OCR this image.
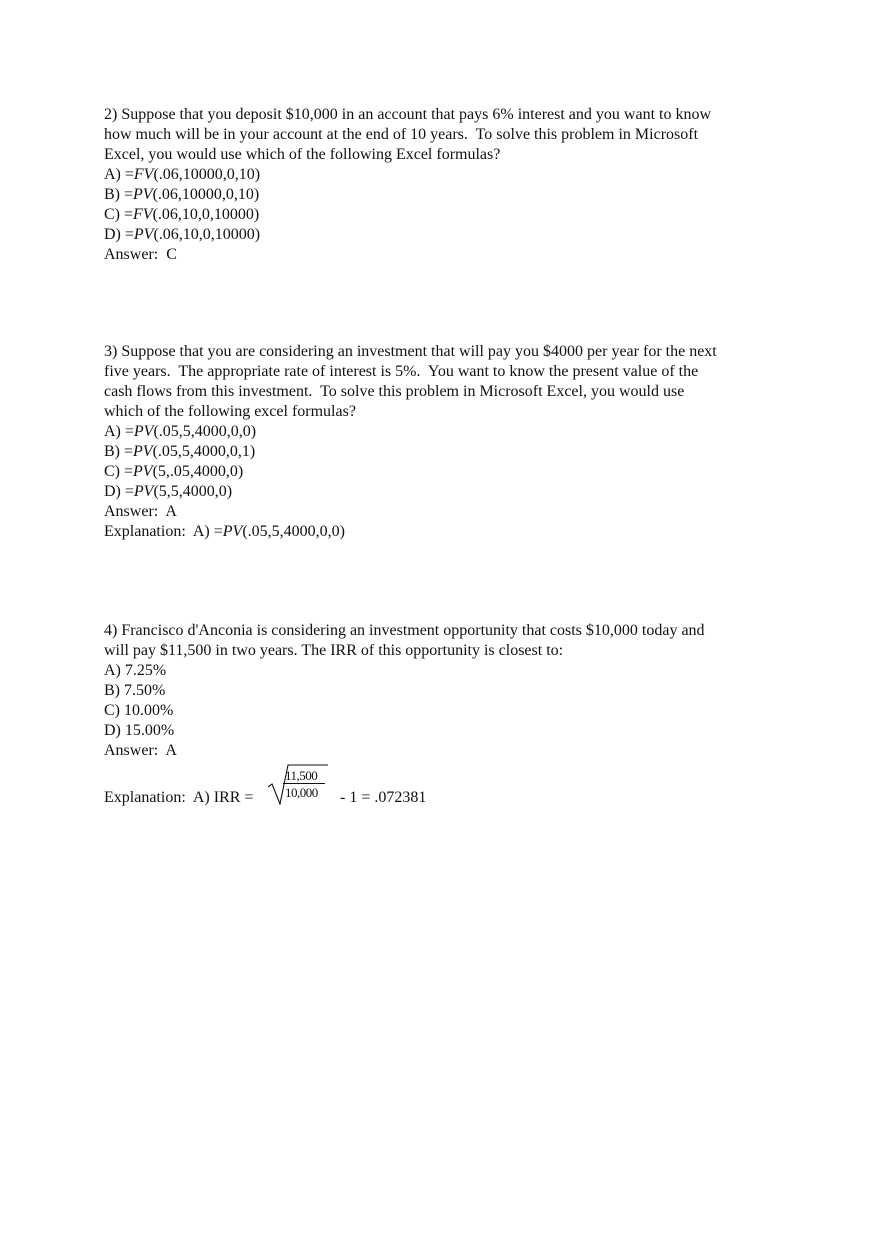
2) Suppose that you deposit $10,000 in an account that pays 6% interest and you want to know
how much will be in your account at the end of 10 years.  To solve this problem in Microsoft
Excel, you would use which of the following Excel formulas?
A) =FV(.06,10000,0,10)
B) =PV(.06,10000,0,10)
C) =FV(.06,10,0,10000)
D) =PV(.06,10,0,10000)
Answer:  C
3) Suppose that you are considering an investment that will pay you $4000 per year for the next
five years.  The appropriate rate of interest is 5%.  You want to know the present value of the
cash flows from this investment.  To solve this problem in Microsoft Excel, you would use
which of the following excel formulas?
A) =PV(.05,5,4000,0,0)
B) =PV(.05,5,4000,0,1)
C) =PV(5,.05,4000,0)
D) =PV(5,5,4000,0)
Answer:  A
Explanation:  A) =PV(.05,5,4000,0,0)
4) Francisco d'Anconia is considering an investment opportunity that costs $10,000 today and
will pay $11,500 in two years. The IRR of this opportunity is closest to:
A) 7.25%
B) 7.50%
C) 10.00%
D) 15.00%
Answer:  A
Explanation:  A) IRR =
11,500
10,000 - 1 = .072381
